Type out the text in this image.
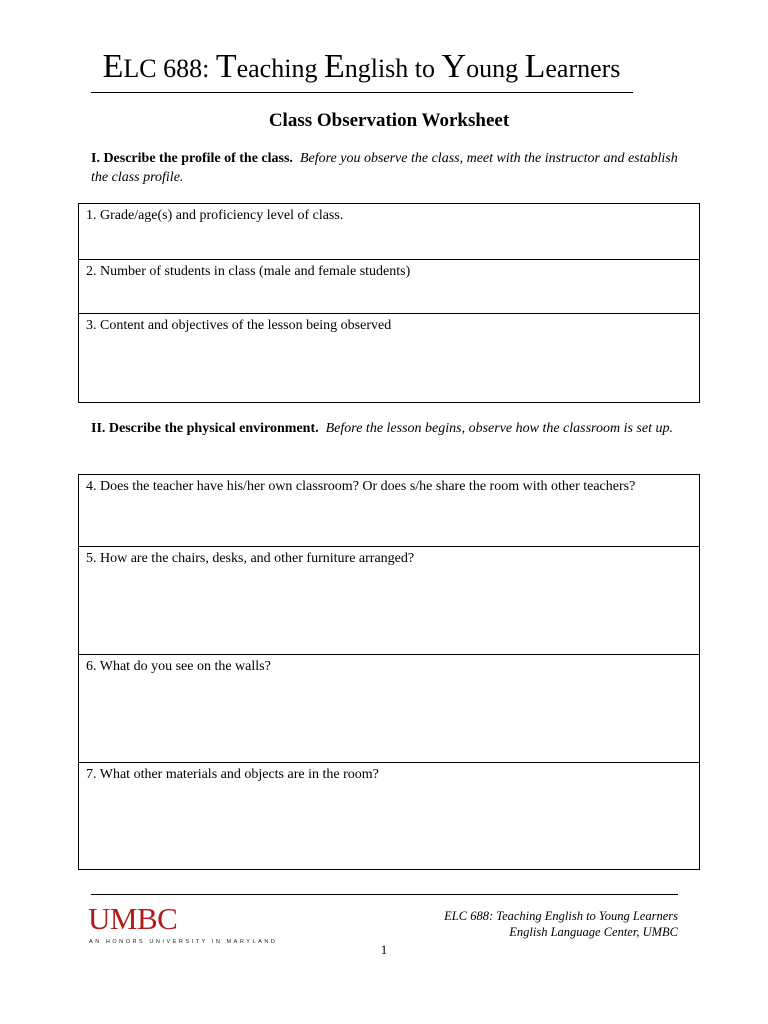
ELC 688: Teaching English to Young Learners
Class Observation Worksheet
I. Describe the profile of the class. Before you observe the class, meet with the instructor and establish the class profile.
1. Grade/age(s) and proficiency level of class.
2. Number of students in class (male and female students)
3. Content and objectives of the lesson being observed
II. Describe the physical environment. Before the lesson begins, observe how the classroom is set up.
4. Does the teacher have his/her own classroom? Or does s/he share the room with other teachers?
5. How are the chairs, desks, and other furniture arranged?
6. What do you see on the walls?
7. What other materials and objects are in the room?
UMBC
AN HONORS UNIVERSITY IN MARYLAND
ELC 688: Teaching English to Young Learners
English Language Center, UMBC
1
